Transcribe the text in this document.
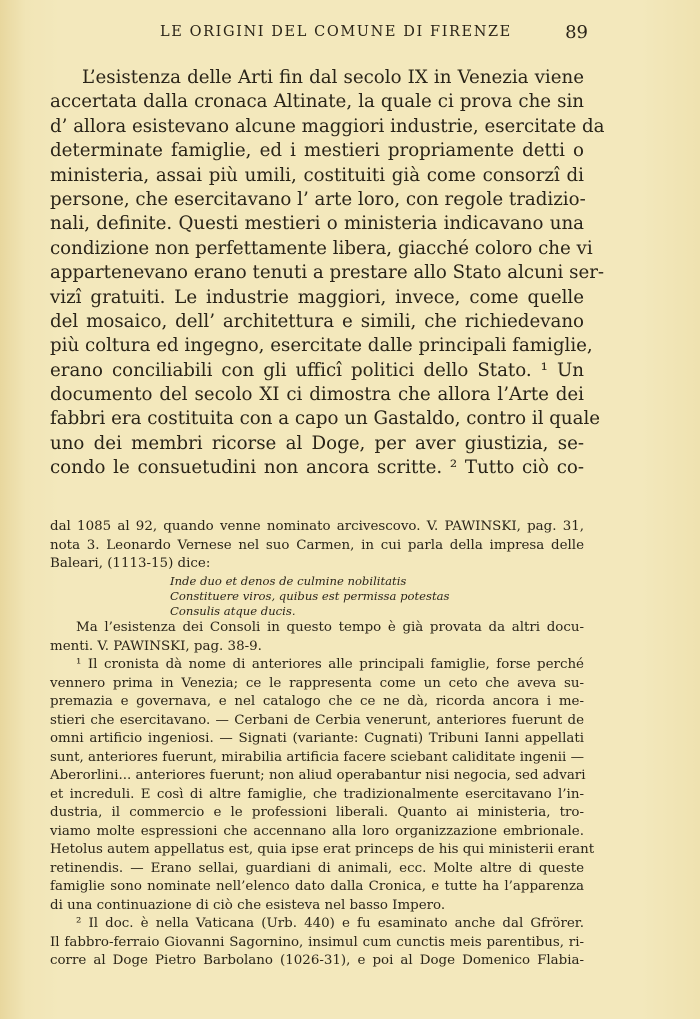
LE ORIGINI DEL COMUNE DI FIRENZE	89
L’esistenza delle Arti fin dal secolo IX in Venezia viene
accertata dalla cronaca Altinate, la quale ci prova che sin
d’ allora esistevano alcune maggiori industrie, esercitate da
determinate famiglie, ed i mestieri propriamente detti o
ministeria, assai più umili, costituiti già come consorzî di
persone, che esercitavano l’ arte loro, con regole tradizio-
nali, definite. Questi mestieri o ministeria indicavano una
condizione non perfettamente libera, giacché coloro che vi
appartenevano erano tenuti a prestare allo Stato alcuni ser-
vizî gratuiti. Le industrie maggiori, invece, come quelle
del mosaico, dell’ architettura e simili, che richiedevano
più coltura ed ingegno, esercitate dalle principali famiglie,
erano conciliabili con gli ufficî politici dello Stato. ¹ Un
documento del secolo XI ci dimostra che allora l’Arte dei
fabbri era costituita con a capo un Gastaldo, contro il quale
uno dei membri ricorse al Doge, per aver giustizia, se-
condo le consuetudini non ancora scritte. ² Tutto ciò co-
dal 1085 al 92, quando venne nominato arcivescovo. V. PAWINSKI, pag. 31,
nota 3. Leonardo Vernese nel suo Carmen, in cui parla della impresa delle
Baleari, (1113-15) dice:
Inde duo et denos de culmine nobilitatis
Constituere viros, quibus est permissa potestas
Consulis atque ducis.
Ma l’esistenza dei Consoli in questo tempo è già provata da altri docu-
menti. V. PAWINSKI, pag. 38-9.
¹ Il cronista dà nome di anteriores alle principali famiglie, forse perché
vennero prima in Venezia; ce le rappresenta come un ceto che aveva su-
premazia e governava, e nel catalogo che ce ne dà, ricorda ancora i me-
stieri che esercitavano. — Cerbani de Cerbia venerunt, anteriores fuerunt de
omni artificio ingeniosi. — Signati (variante: Cugnati) Tribuni Ianni appellati
sunt, anteriores fuerunt, mirabilia artificia facere sciebant caliditate ingenii —
Aberorlini... anteriores fuerunt; non aliud operabantur nisi negocia, sed advari
et increduli. E così di altre famiglie, che tradizionalmente esercitavano l’in-
dustria, il commercio e le professioni liberali. Quanto ai ministeria, tro-
viamo molte espressioni che accennano alla loro organizzazione embrionale.
Hetolus autem appellatus est, quia ipse erat princeps de his qui ministerii erant
retinendis. — Erano sellai, guardiani di animali, ecc. Molte altre di queste
famiglie sono nominate nell’elenco dato dalla Cronica, e tutte ha l’apparenza
di una continuazione di ciò che esisteva nel basso Impero.
² Il doc. è nella Vaticana (Urb. 440) e fu esaminato anche dal Gfrörer.
Il fabbro-ferraio Giovanni Sagornino, insimul cum cunctis meis parentibus, ri-
corre al Doge Pietro Barbolano (1026-31), e poi al Doge Domenico Flabia-
